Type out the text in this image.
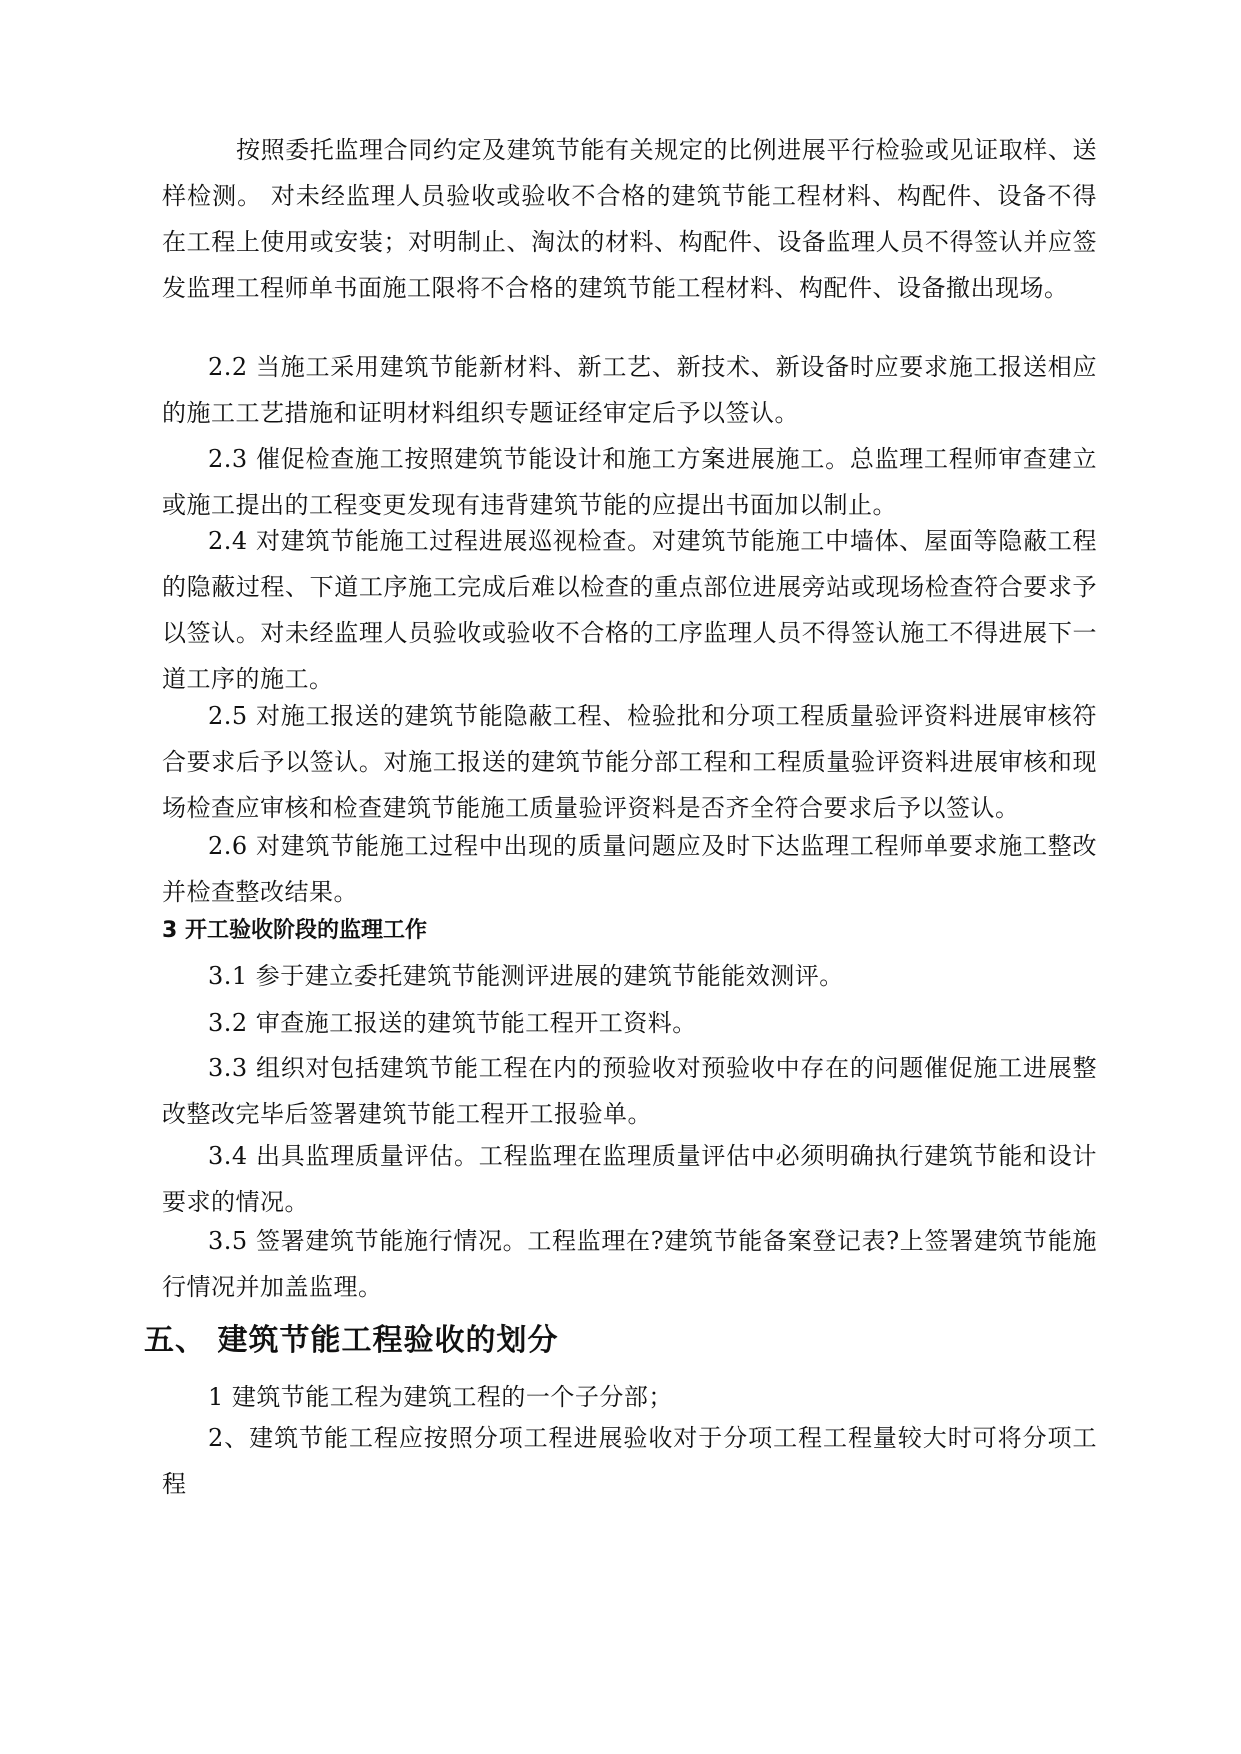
按照委托监理合同约定及建筑节能有关规定的比例进展平行检验或见证取样、送样检测。 对未经监理人员验收或验收不合格的建筑节能工程材料、构配件、设备不得在工程上使用或安装；对明制止、淘汰的材料、构配件、设备监理人员不得签认并应签发监理工程师单书面施工限将不合格的建筑节能工程材料、构配件、设备撤出现场。

2.2 当施工采用建筑节能新材料、新工艺、新技术、新设备时应要求施工报送相应的施工工艺措施和证明材料组织专题证经审定后予以签认。

2.3 催促检查施工按照建筑节能设计和施工方案进展施工。总监理工程师审查建立或施工提出的工程变更发现有违背建筑节能的应提出书面加以制止。

2.4 对建筑节能施工过程进展巡视检查。对建筑节能施工中墙体、屋面等隐蔽工程的隐蔽过程、下道工序施工完成后难以检查的重点部位进展旁站或现场检查符合要求予以签认。对未经监理人员验收或验收不合格的工序监理人员不得签认施工不得进展下一道工序的施工。

2.5 对施工报送的建筑节能隐蔽工程、检验批和分项工程质量验评资料进展审核符合要求后予以签认。对施工报送的建筑节能分部工程和工程质量验评资料进展审核和现场检查应审核和检查建筑节能施工质量验评资料是否齐全符合要求后予以签认。

2.6 对建筑节能施工过程中出现的质量问题应及时下达监理工程师单要求施工整改并检查整改结果。

3 开工验收阶段的监理工作

3.1 参于建立委托建筑节能测评进展的建筑节能能效测评。

3.2 审查施工报送的建筑节能工程开工资料。

3.3 组织对包括建筑节能工程在内的预验收对预验收中存在的问题催促施工进展整改整改完毕后签署建筑节能工程开工报验单。

3.4 出具监理质量评估。工程监理在监理质量评估中必须明确执行建筑节能和设计要求的情况。

3.5 签署建筑节能施行情况。工程监理在?建筑节能备案登记表?上签署建筑节能施行情况并加盖监理。

五、 建筑节能工程验收的划分

1 建筑节能工程为建筑工程的一个子分部；

2、建筑节能工程应按照分项工程进展验收对于分项工程工程量较大时可将分项工程
